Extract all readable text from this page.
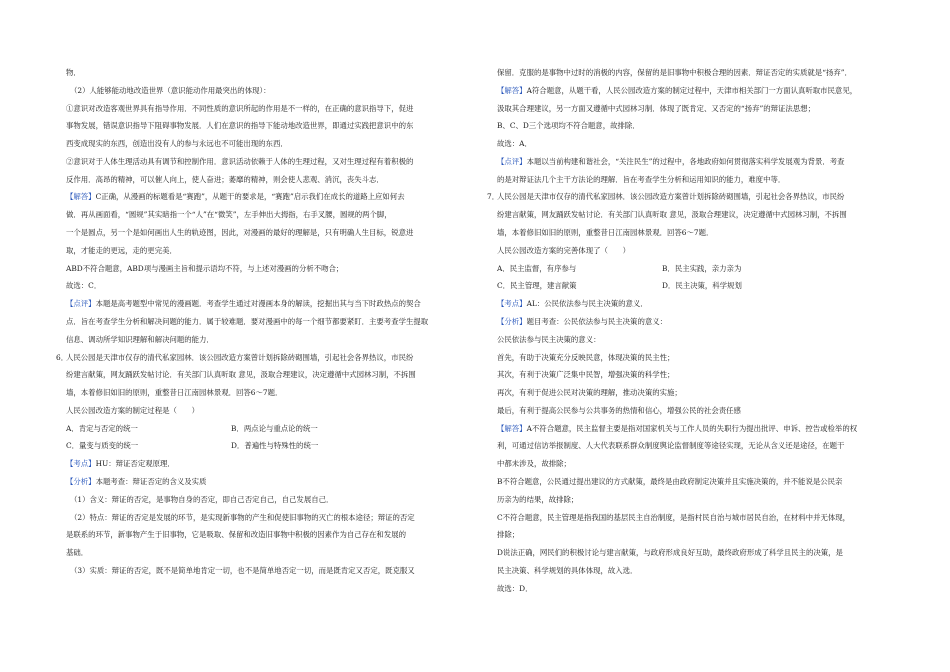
物．
（2）人能够能动地改造世界（意识能动作用最突出的体现）：
①意识对改造客观世界具有指导作用．不同性质的意识所起的作用是不一样的，在正确的意识指导下，促进
事物发展，错误意识指导下阻碍事物发展．人们在意识的指导下能动地改造世界，即通过实践把意识中的东
西变成现实的东西，创造出没有人的参与永远也不可能出现的东西．
②意识对于人体生理活动具有调节和控制作用．意识活动依赖于人体的生理过程，又对生理过程有着积极的
反作用．高昂的精神，可以催人向上，使人奋进；萎靡的精神，则会使人悲观、消沉，丧失斗志．
【解答】C正确，从漫画的标题看是“赛跑”，从题干的要求是，“赛跑”启示我们在成长的道路上应如何去
做．再从画面看，“圆规”其实暗指一个“人”在“微笑”，左手伸出大拇指，右手叉腰，圆规的两个脚，
一个是圆点，另一个是如何画出人生的轨迹图，因此，对漫画的最好的理解是，只有明确人生目标，锐意进
取，才能走的更远，走的更完美．
ABD不符合题意，ABD项与漫画主旨和提示语均不符，与上述对漫画的分析不吻合；
故选：C．
【点评】本题是高考题型中常见的漫画题．考查学生通过对漫画本身的解读，挖掘出其与当下时政热点的契合
点．旨在考查学生分析和解决问题的能力．属于较难题．要对漫画中的每一个细节都要紧盯．主要考查学生提取
信息、调动所学知识理解和解决问题的能力．
6．
人民公园是天津市仅存的清代私家园林．该公园改造方案曾计划拆除砖砌围墙，引起社会各界热议，市民纷
纷建言献策，网友踊跃发帖讨论．有关部门认真听取 意见，汲取合理建议，决定遵循中式园林习制，不拆围
墙，本着修旧如旧的原则，重整昔日江南园林景观．回答6～7题．
人民公园改造方案的制定过程是（　　）
A．肯定与否定的统一	B．两点论与重点论的统一
C．量变与质变的统一	D．普遍性与特殊性的统一
【考点】HU：辩证否定观原理．
【分析】本题考查：辩证否定的含义及实质
（1）含义：辩证的否定，是事物自身的否定，即自己否定自己，自己发展自己．
（2）特点：辩证的否定是发展的环节，是实现新事物的产生和促使旧事物的灭亡的根本途径；辩证的否定
是联系的环节，新事物产生于旧事物，它是吸取、保留和改造旧事物中积极的因素作为自己存在和发展的
基础．
（3）实质：辩证的否定，既不是简单地肯定一切，也不是简单地否定一切，而是既肯定又否定，既克服又
保留．克服的是事物中过时的消极的内容，保留的是旧事物中积极合理的因素．辩证否定的实质就是“扬弃”．
【解答】A符合题意，从题干看，人民公园改造方案的制定过程中，天津市相关部门一方面认真听取市民意见，
汲取其合理建议，另一方面又遵循中式园林习制．体现了既肯定、又否定的“扬弃”的辩证法思想；
B、C、D三个选项均不符合题意，故排除．
故选：A．
【点评】本题以当前构建和谐社会，“关注民生”的过程中，各地政府如何贯彻落实科学发展观为背景．考查
的是对辩证法几个主干方法论的理解．旨在考查学生分析和运用知识的能力，难度中等．
7．
人民公园是天津市仅存的清代私家园林．该公园改造方案曾计划拆除砖砌围墙，引起社会各界热议，市民纷
纷建言献策，网友踊跃发帖讨论．有关部门认真听取 意见，汲取合理建议，决定遵循中式园林习制，不拆围
墙，本着修旧如旧的原则，重整昔日江南园林景观．回答6～7题．
人民公园改造方案的完善体现了（　　）
A．民主监督，有序参与	B．民主实践，亲力亲为
C．民主管理，建言献策	D．民主决策，科学规划
【考点】AL：公民依法参与民主决策的意义．
【分析】题目考查：公民依法参与民主决策的意义：
公民依法参与民主决策的意义：
首先，有助于决策充分反映民意，体现决策的民主性；
其次，有利于决策广泛集中民智，增强决策的科学性；
再次，有利于促进公民对决策的理解，推动决策的实施；
最后，有利于提高公民参与公共事务的热情和信心，增强公民的社会责任感
【解答】A不符合题意，民主监督主要是指对国家机关与工作人员的失职行为提出批评、申诉、控告或检举的权
利，可通过信访举报制度、人大代表联系群众制度舆论监督制度等途径实现，无论从含义还是途径，在题干
中都未涉及，故排除；
B不符合题意，公民通过提出建议的方式献策，最终是由政府制定决策并且实施决策的，并不能说是公民亲
历亲为的结果，故排除；
C不符合题意，民主管理是指我国的基层民主自治制度，是指村民自治与城市居民自治，在材料中并无体现，
排除；
D说法正确，网民们的积极讨论与建言献策，与政府形成良好互助，最终政府形成了科学且民主的决策，是
民主决策、科学规划的具体体现，故入选．
故选：D．
